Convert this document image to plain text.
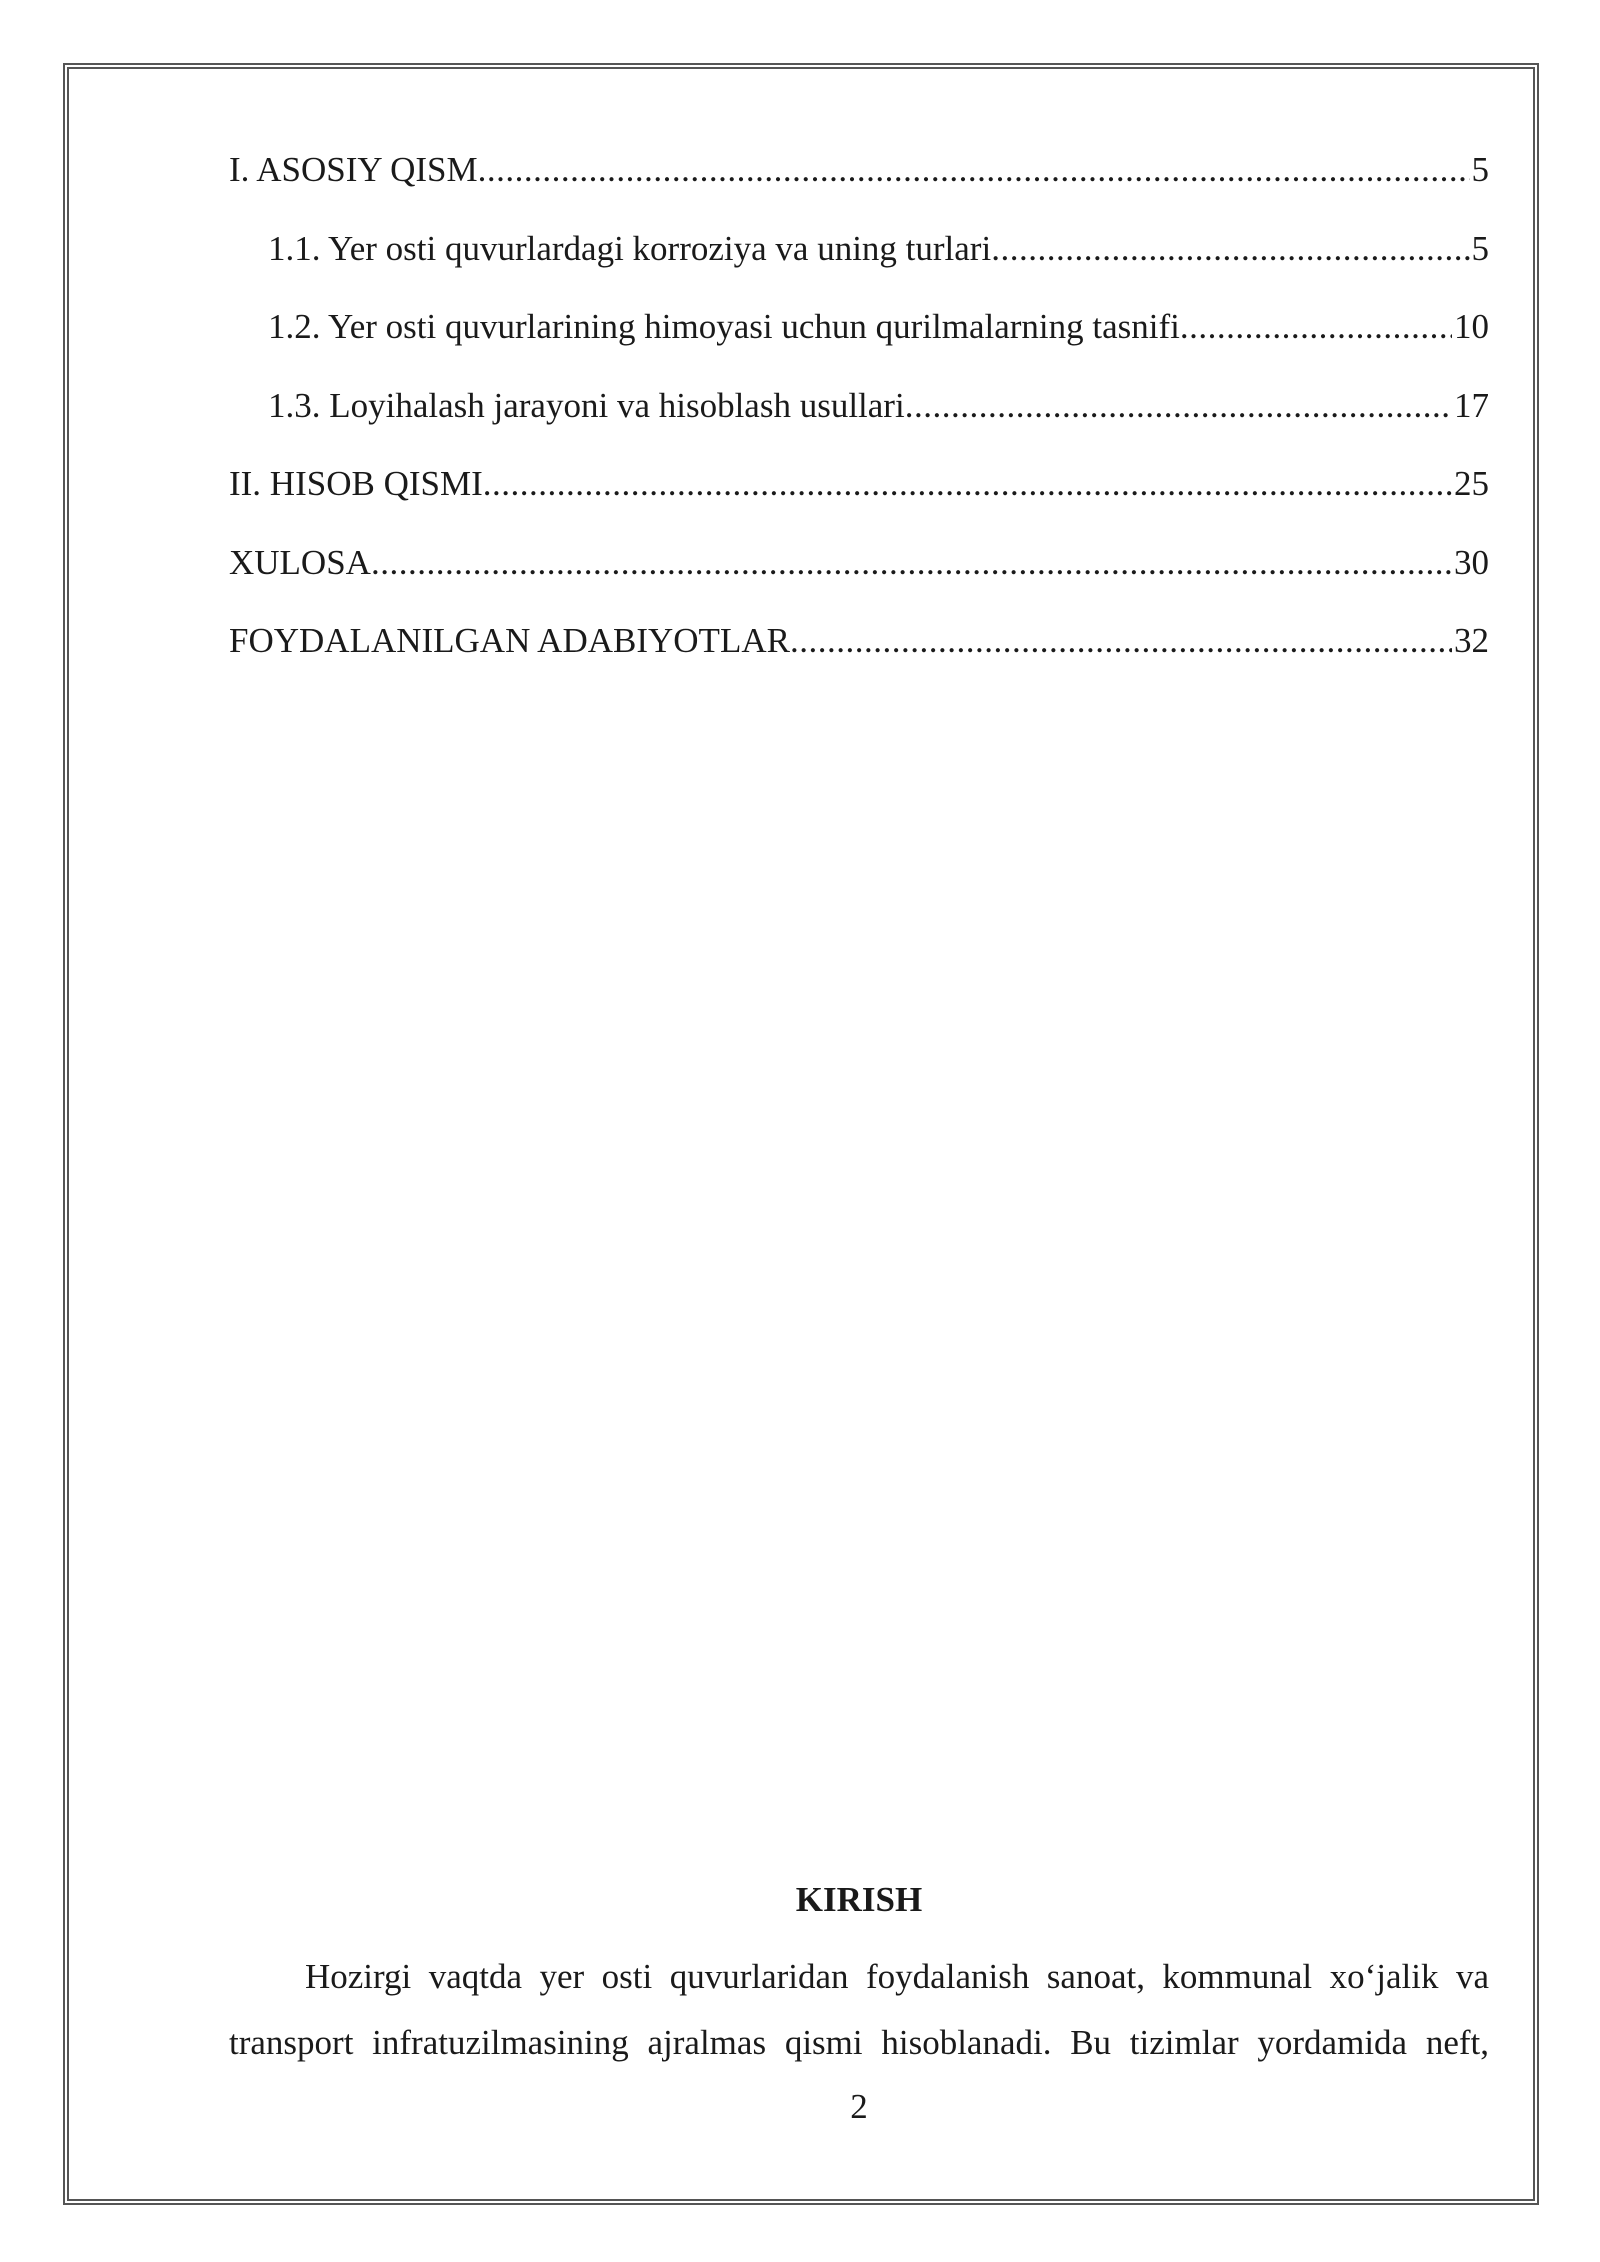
I. ASOSIY QISM .....	5
1.1. Yer osti quvurlardagi korroziya va uning turlari .....	5
1.2. Yer osti quvurlarining himoyasi uchun qurilmalarning tasnifi .....	10
1.3. Loyihalash jarayoni va hisoblash usullari .....	17
II. HISOB QISMI .....	25
XULOSA .....	30
FOYDALANILGAN ADABIYOTLAR .....	32
KIRISH

Hozirgi vaqtda yer osti quvurlaridan foydalanish sanoat, kommunal xo‘jalik va transport infratuzilmasining ajralmas qismi hisoblanadi. Bu tizimlar yordamida neft,

2
